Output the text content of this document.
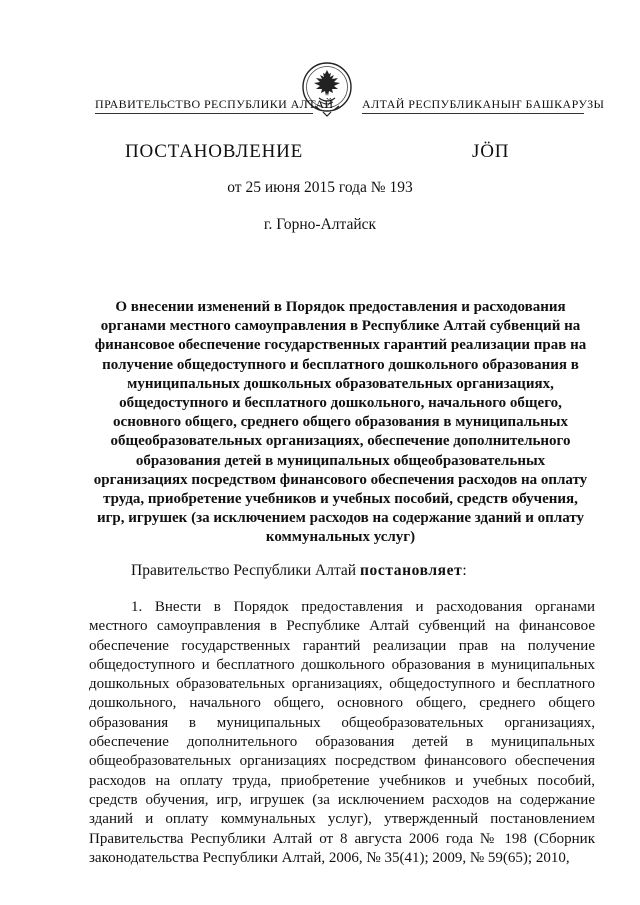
ПРАВИТЕЛЬСТВО РЕСПУБЛИКИ АЛТАЙ АЛТАЙ РЕСПУБЛИКАНЫҤ БАШКАРУЗЫ
ПОСТАНОВЛЕНИЕ	JÖП
от 25 июня 2015 года № 193
г. Горно-Алтайск

О внесении изменений в Порядок предоставления и расходования органами местного самоуправления в Республике Алтай субвенций на финансовое обеспечение государственных гарантий реализации прав на получение общедоступного и бесплатного дошкольного образования в муниципальных дошкольных образовательных организациях, общедоступного и бесплатного дошкольного, начального общего, основного общего, среднего общего образования в муниципальных общеобразовательных организациях, обеспечение дополнительного образования детей в муниципальных общеобразовательных организациях посредством финансового обеспечения расходов на оплату труда, приобретение учебников и учебных пособий, средств обучения, игр, игрушек (за исключением расходов на содержание зданий и оплату коммунальных услуг)

Правительство Республики Алтай постановляет:

1. Внести в Порядок предоставления и расходования органами местного самоуправления в Республике Алтай субвенций на финансовое обеспечение государственных гарантий реализации прав на получение общедоступного и бесплатного дошкольного образования в муниципальных дошкольных образовательных организациях, общедоступного и бесплатного дошкольного, начального общего, основного общего, среднего общего образования в муниципальных общеобразовательных организациях, обеспечение дополнительного образования детей в муниципальных общеобразовательных организациях посредством финансового обеспечения расходов на оплату труда, приобретение учебников и учебных пособий, средств обучения, игр, игрушек (за исключением расходов на содержание зданий и оплату коммунальных услуг), утвержденный постановлением Правительства Республики Алтай от 8 августа 2006 года № 198 (Сборник законодательства Республики Алтай, 2006, № 35(41); 2009, № 59(65); 2010,
